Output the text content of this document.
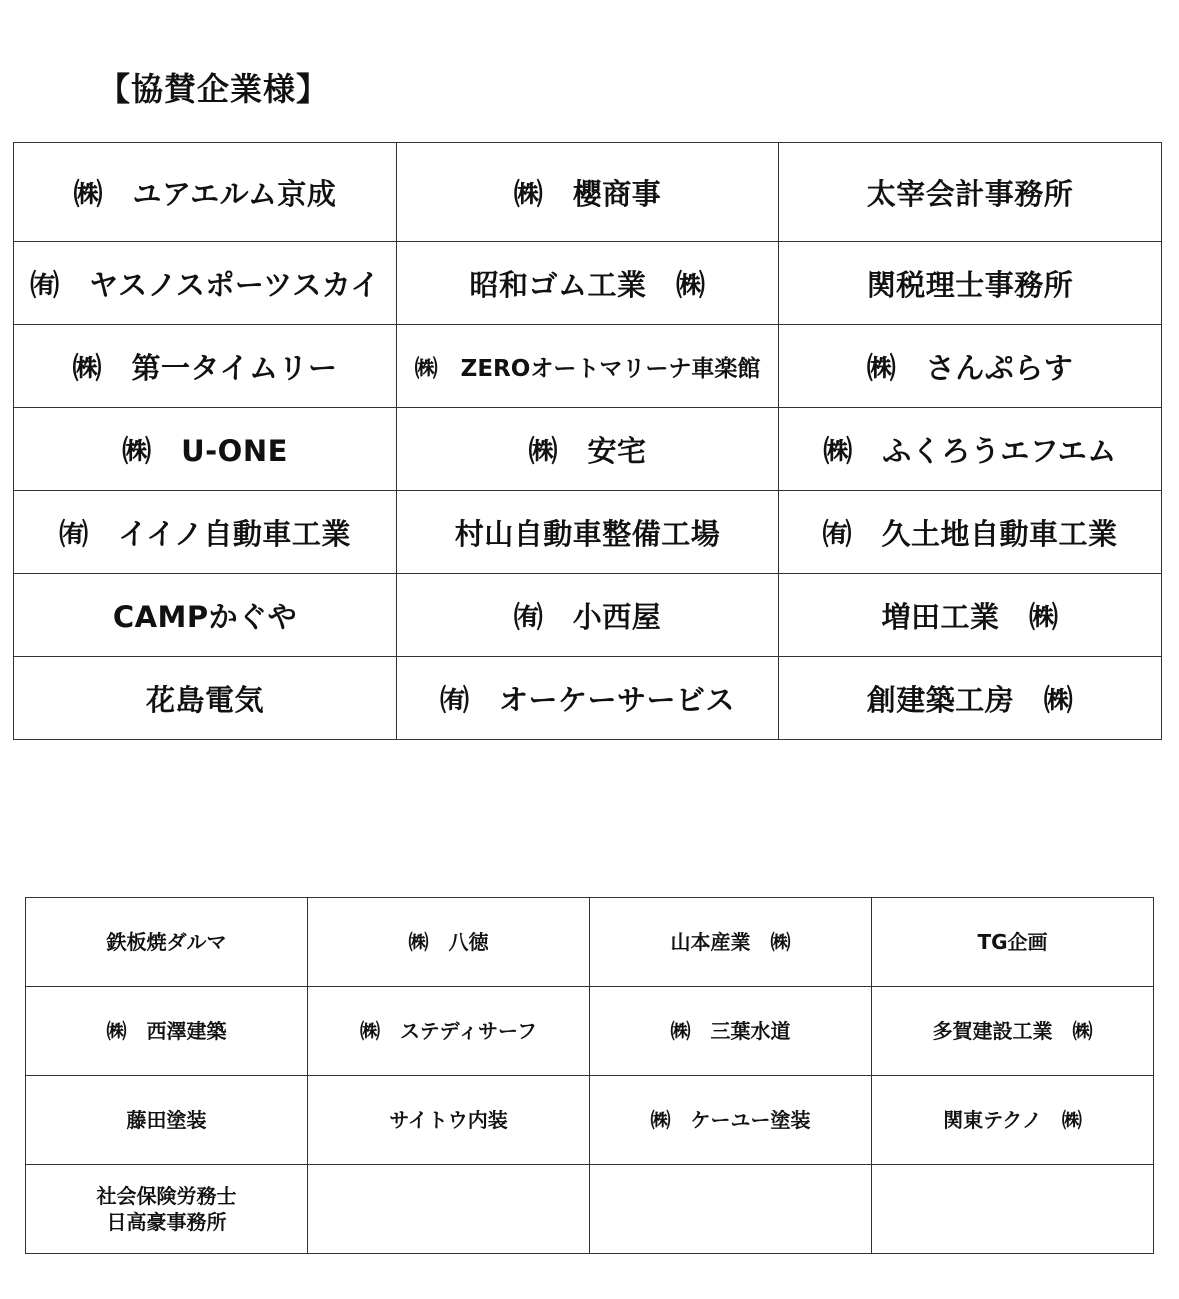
【協賛企業様】
㈱　ユアエルム京成	㈱　櫻商事	太宰会計事務所
㈲　ヤスノスポーツスカイ	昭和ゴム工業　㈱	関税理士事務所
㈱　第一タイムリー	㈱　ZEROオートマリーナ車楽館	㈱　さんぷらす
㈱　U-ONE	㈱　安宅	㈱　ふくろうエフエム
㈲　イイノ自動車工業	村山自動車整備工場	㈲　久土地自動車工業
CAMPかぐや	㈲　小西屋	増田工業　㈱
花島電気	㈲　オーケーサービス	創建築工房　㈱
鉄板焼ダルマ	㈱　八徳	山本産業　㈱	TG企画
㈱　西澤建築	㈱　ステディサーフ	㈱　三葉水道	多賀建設工業　㈱
藤田塗装	サイトウ内装	㈱　ケーユー塗装	関東テクノ　㈱
社会保険労務士
日高豪事務所			
